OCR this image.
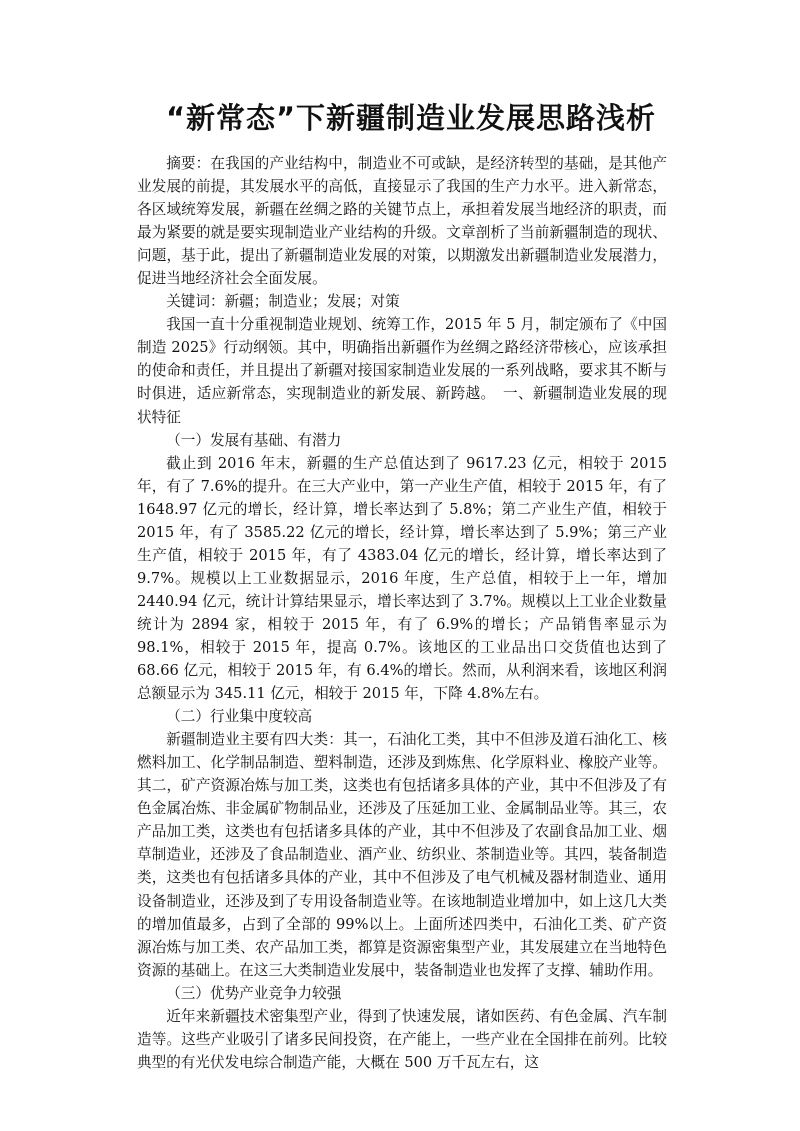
“新常态”下新疆制造业发展思路浅析

摘要：在我国的产业结构中，制造业不可或缺，是经济转型的基础，是其他产业发展的前提，其发展水平的高低，直接显示了我国的生产力水平。进入新常态，各区域统筹发展，新疆在丝绸之路的关键节点上，承担着发展当地经济的职责，而最为紧要的就是要实现制造业产业结构的升级。文章剖析了当前新疆制造的现状、问题，基于此，提出了新疆制造业发展的对策，以期激发出新疆制造业发展潜力，促进当地经济社会全面发展。

关键词：新疆；制造业；发展；对策

我国一直十分重视制造业规划、统筹工作，2015 年 5 月，制定颁布了《中国制造 2025》行动纲领。其中，明确指出新疆作为丝绸之路经济带核心，应该承担的使命和责任，并且提出了新疆对接国家制造业发展的一系列战略，要求其不断与时俱进，适应新常态，实现制造业的新发展、新跨越。　一、新疆制造业发展的现状特征

（一）发展有基础、有潜力

截止到 2016 年末，新疆的生产总值达到了 9617.23 亿元，相较于 2015 年，有了 7.6%的提升。在三大产业中，第一产业生产值，相较于 2015 年，有了 1648.97 亿元的增长，经计算，增长率达到了 5.8%；第二产业生产值，相较于 2015 年，有了 3585.22 亿元的增长，经计算，增长率达到了 5.9%；第三产业生产值，相较于 2015 年，有了 4383.04 亿元的增长，经计算，增长率达到了 9.7%。规模以上工业数据显示，2016 年度，生产总值，相较于上一年，增加 2440.94 亿元，统计计算结果显示，增长率达到了 3.7%。规模以上工业企业数量统计为 2894 家，相较于 2015 年，有了 6.9%的增长；产品销售率显示为 98.1%，相较于 2015 年，提高 0.7%。该地区的工业品出口交货值也达到了 68.66 亿元，相较于 2015 年，有 6.4%的增长。然而，从利润来看，该地区利润总额显示为 345.11 亿元，相较于 2015 年，下降 4.8%左右。

（二）行业集中度较高

新疆制造业主要有四大类：其一，石油化工类，其中不但涉及道石油化工、核燃料加工、化学制品制造、塑料制造，还涉及到炼焦、化学原料业、橡胶产业等。其二，矿产资源冶炼与加工类，这类也有包括诸多具体的产业，其中不但涉及了有色金属冶炼、非金属矿物制品业，还涉及了压延加工业、金属制品业等。其三，农产品加工类，这类也有包括诸多具体的产业，其中不但涉及了农副食品加工业、烟草制造业，还涉及了食品制造业、酒产业、纺织业、茶制造业等。其四，装备制造类，这类也有包括诸多具体的产业，其中不但涉及了电气机械及器材制造业、通用设备制造业，还涉及到了专用设备制造业等。在该地制造业增加中，如上这几大类的增加值最多，占到了全部的 99%以上。上面所述四类中，石油化工类、矿产资源冶炼与加工类、农产品加工类，都算是资源密集型产业，其发展建立在当地特色资源的基础上。在这三大类制造业发展中，装备制造业也发挥了支撑、辅助作用。

（三）优势产业竞争力较强

近年来新疆技术密集型产业，得到了快速发展，诸如医药、有色金属、汽车制造等。这些产业吸引了诸多民间投资，在产能上，一些产业在全国排在前列。比较典型的有光伏发电综合制造产能，大概在 500 万千瓦左右，这
